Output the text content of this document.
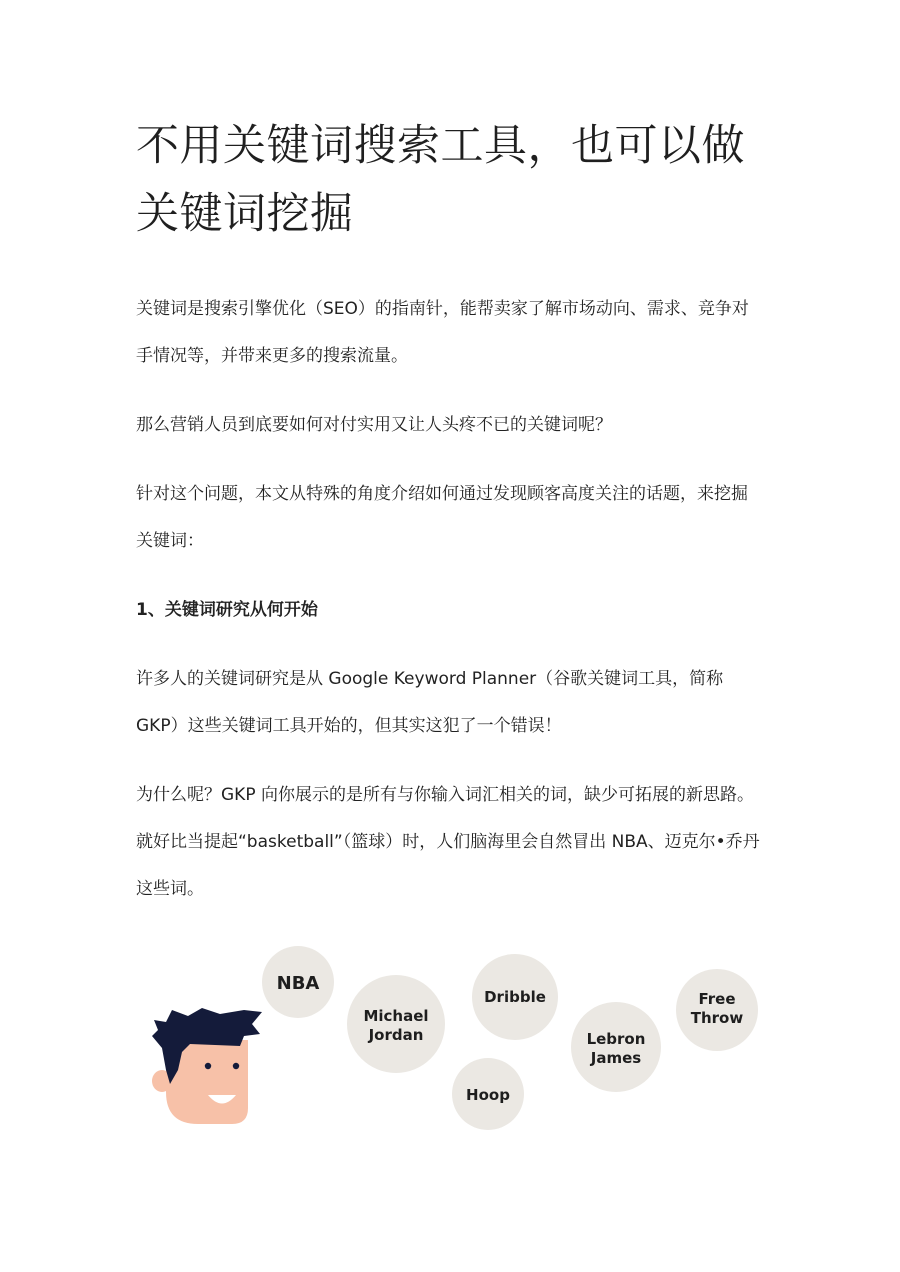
不用关键词搜索工具，也可以做关键词挖掘

关键词是搜索引擎优化（SEO）的指南针，能帮卖家了解市场动向、需求、竞争对手情况等，并带来更多的搜索流量。

那么营销人员到底要如何对付实用又让人头疼不已的关键词呢？

针对这个问题，本文从特殊的角度介绍如何通过发现顾客高度关注的话题，来挖掘关键词：

1、关键词研究从何开始

许多人的关键词研究是从 Google Keyword Planner（谷歌关键词工具，简称 GKP）这些关键词工具开始的，但其实这犯了一个错误！

为什么呢？GKP 向你展示的是所有与你输入词汇相关的词，缺少可拓展的新思路。就好比当提起“basketball”（篮球）时，人们脑海里会自然冒出 NBA、迈克尔•乔丹这些词。

NBA
Michael
Jordan
Dribble
Hoop
Lebron
James
Free
Throw
